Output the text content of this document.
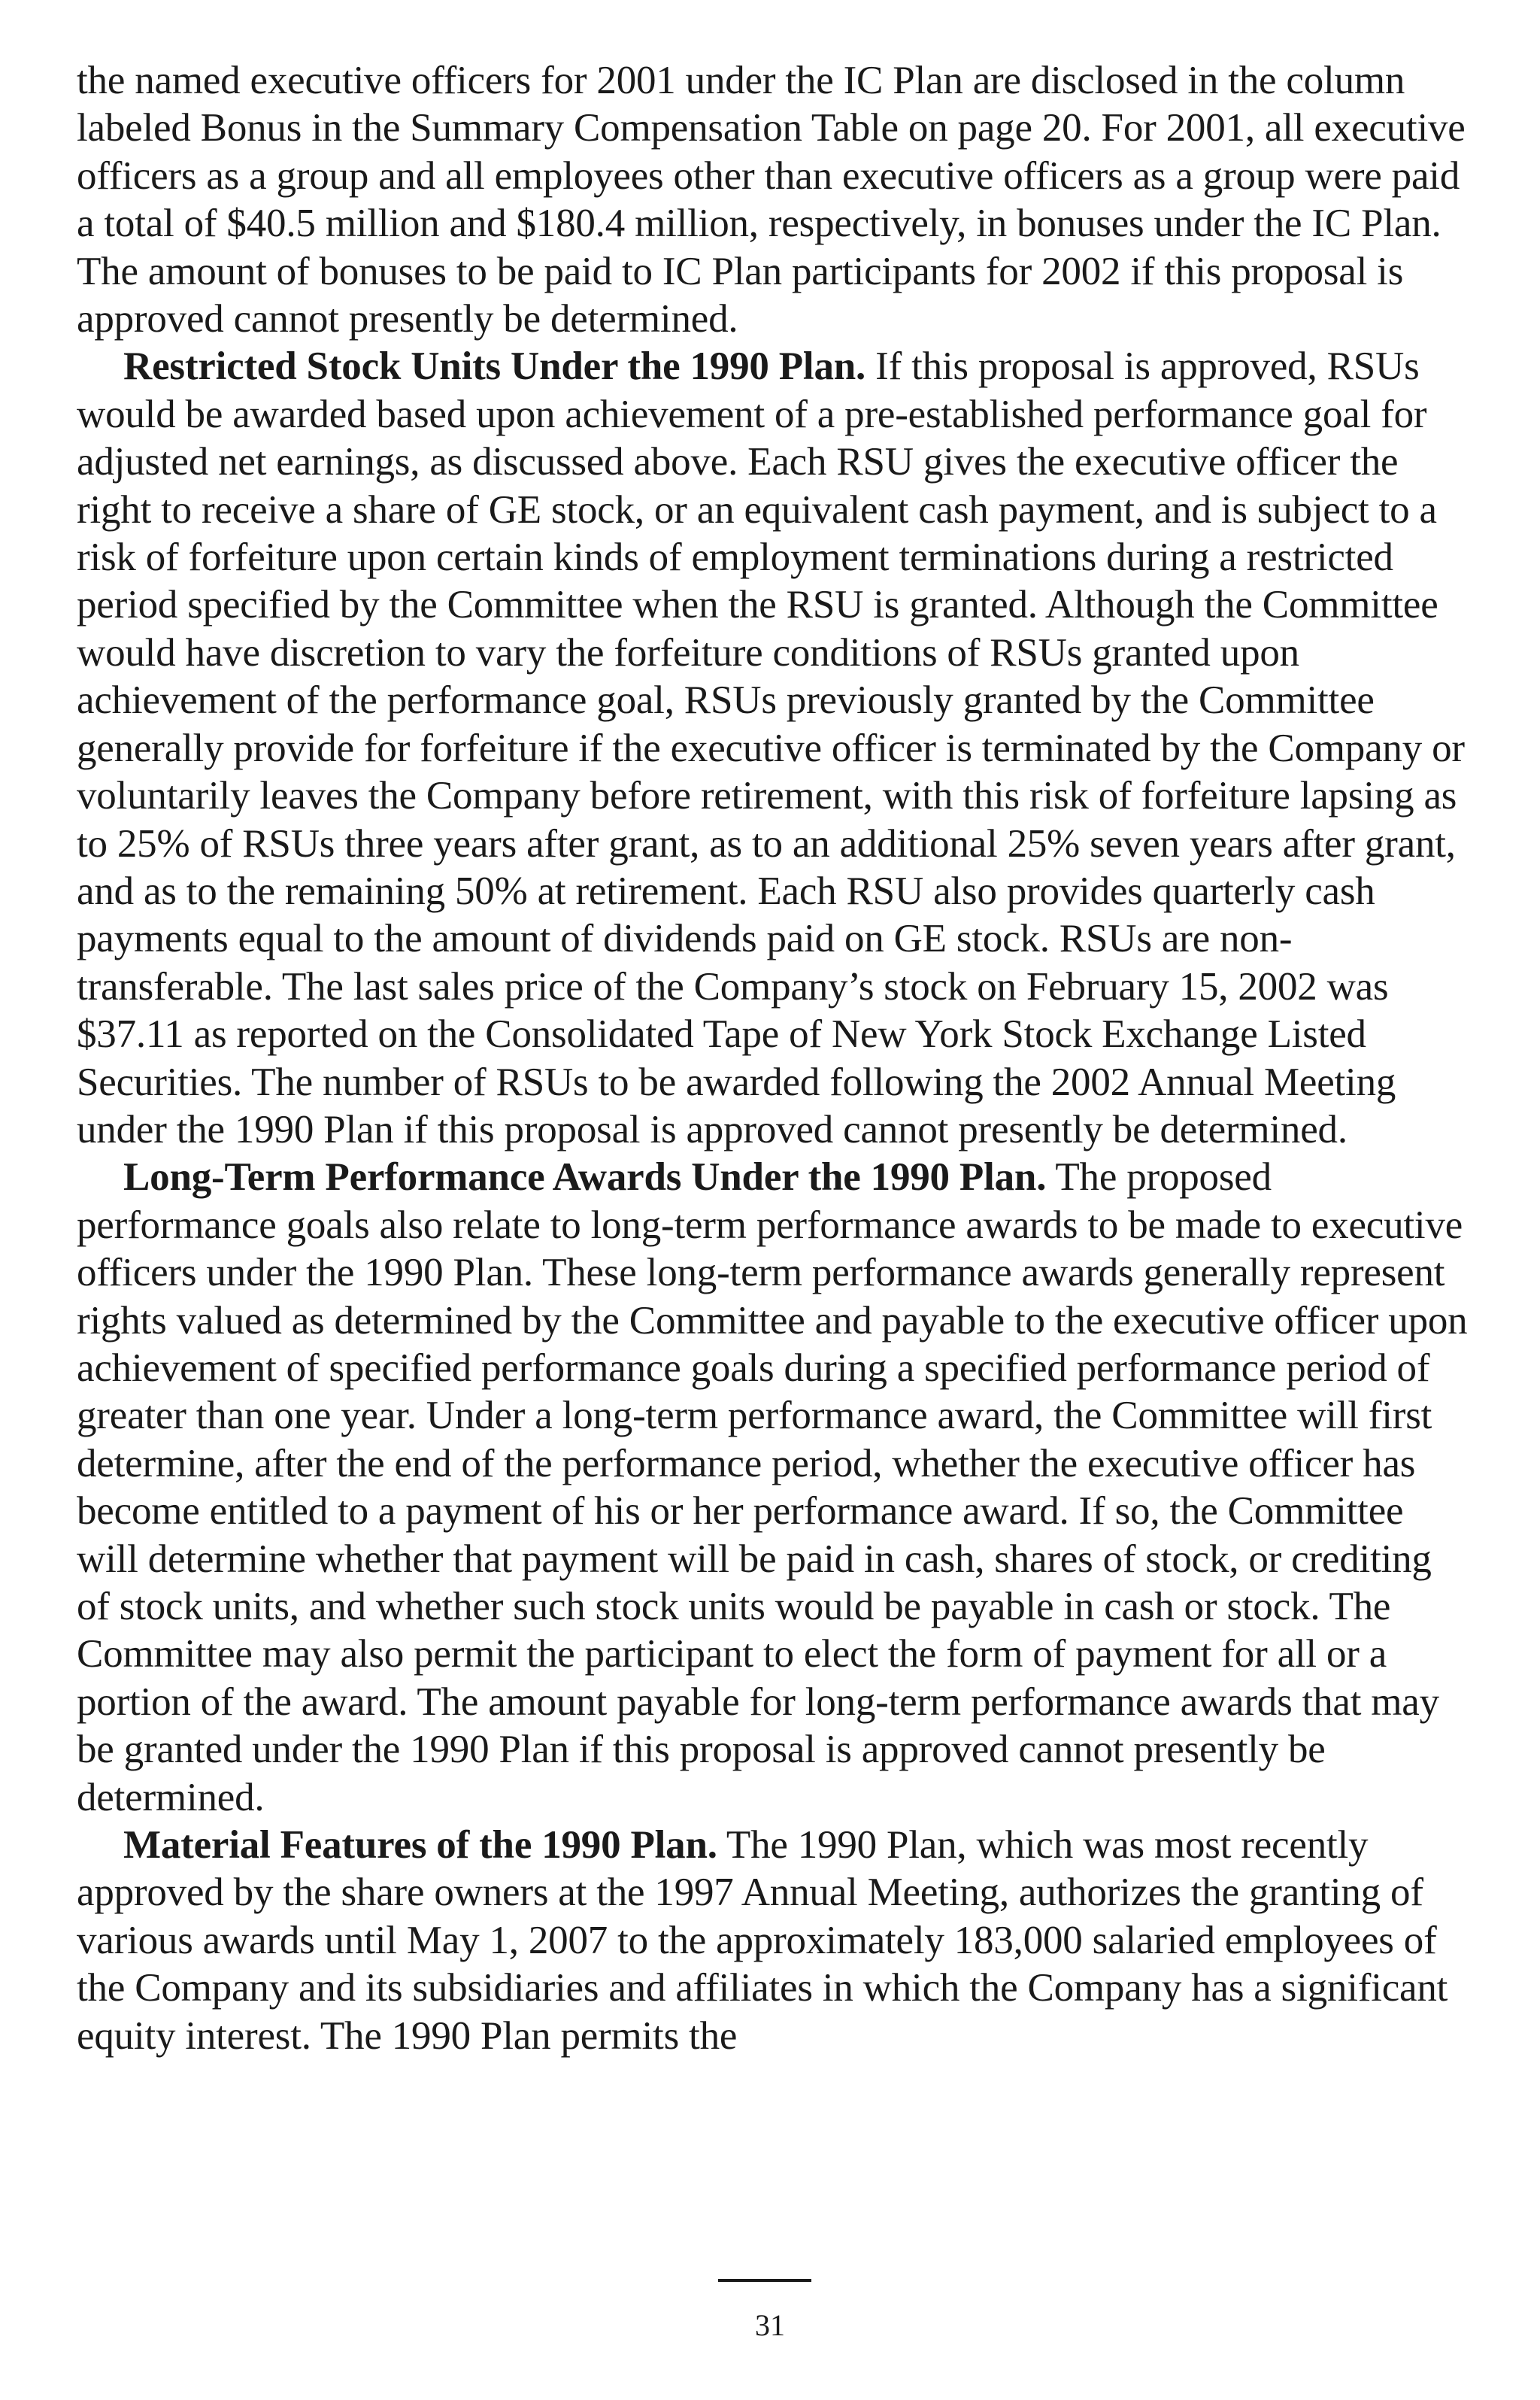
the named executive officers for 2001 under the IC Plan are disclosed in the column labeled Bonus in the Summary Compensation Table on page 20. For 2001, all executive officers as a group and all employees other than executive officers as a group were paid a total of $40.5 million and $180.4 million, respectively, in bonuses under the IC Plan. The amount of bonuses to be paid to IC Plan participants for 2002 if this proposal is approved cannot presently be determined.

Restricted Stock Units Under the 1990 Plan. If this proposal is approved, RSUs would be awarded based upon achievement of a pre-established performance goal for adjusted net earnings, as discussed above. Each RSU gives the executive officer the right to receive a share of GE stock, or an equivalent cash payment, and is subject to a risk of forfeiture upon certain kinds of employment terminations during a restricted period specified by the Committee when the RSU is granted. Although the Committee would have discretion to vary the forfeiture conditions of RSUs granted upon achievement of the performance goal, RSUs previously granted by the Committee generally provide for forfeiture if the executive officer is terminated by the Company or voluntarily leaves the Company before retirement, with this risk of forfeiture lapsing as to 25% of RSUs three years after grant, as to an additional 25% seven years after grant, and as to the remaining 50% at retirement. Each RSU also provides quarterly cash payments equal to the amount of dividends paid on GE stock. RSUs are non-transferable. The last sales price of the Company’s stock on February 15, 2002 was $37.11 as reported on the Consolidated Tape of New York Stock Exchange Listed Securities. The number of RSUs to be awarded following the 2002 Annual Meeting under the 1990 Plan if this proposal is approved cannot presently be determined.

Long-Term Performance Awards Under the 1990 Plan. The proposed performance goals also relate to long-term performance awards to be made to executive officers under the 1990 Plan. These long-term performance awards generally represent rights valued as determined by the Committee and payable to the executive officer upon achievement of specified performance goals during a specified performance period of greater than one year. Under a long-term performance award, the Committee will first determine, after the end of the performance period, whether the executive officer has become entitled to a payment of his or her performance award. If so, the Committee will determine whether that payment will be paid in cash, shares of stock, or crediting of stock units, and whether such stock units would be payable in cash or stock. The Committee may also permit the participant to elect the form of payment for all or a portion of the award. The amount payable for long-term performance awards that may be granted under the 1990 Plan if this proposal is approved cannot presently be determined.

Material Features of the 1990 Plan. The 1990 Plan, which was most recently approved by the share owners at the 1997 Annual Meeting, authorizes the granting of various awards until May 1, 2007 to the approximately 183,000 salaried employees of the Company and its subsidiaries and affiliates in which the Company has a significant equity interest. The 1990 Plan permits the

31
